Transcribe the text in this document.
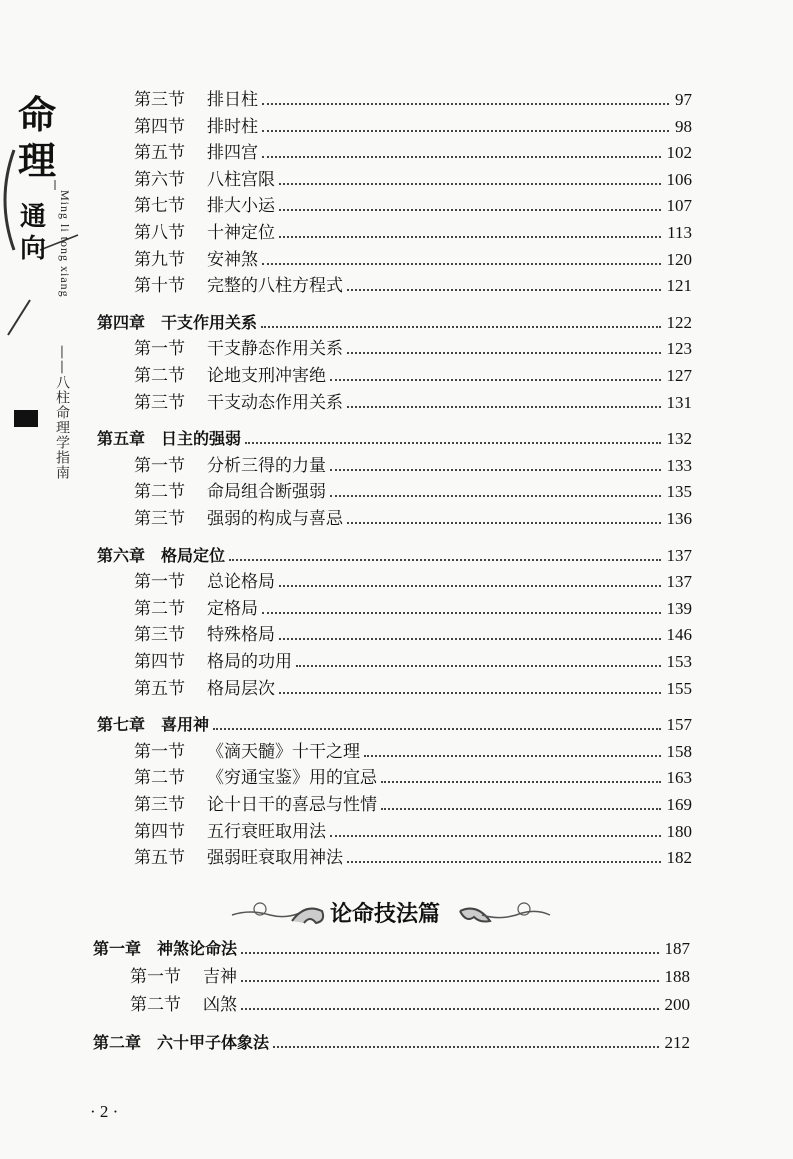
命
理
通
向 Ming li tong xiang
——八柱命理学指南
第三节 排日柱	97
第四节 排时柱	98
第五节 排四宫	102
第六节 八柱宫限	106
第七节 排大小运	107
第八节 十神定位	113
第九节 安神煞	120
第十节 完整的八柱方程式	121
第四章 干支作用关系	122
第一节 干支静态作用关系	123
第二节 论地支刑冲害绝	127
第三节 干支动态作用关系	131
第五章 日主的强弱	132
第一节 分析三得的力量	133
第二节 命局组合断强弱	135
第三节 强弱的构成与喜忌	136
第六章 格局定位	137
第一节 总论格局	137
第二节 定格局	139
第三节 特殊格局	146
第四节 格局的功用	153
第五节 格局层次	155
第七章 喜用神	157
第一节 《滴天髓》十干之理	158
第二节 《穷通宝鉴》用的宜忌	163
第三节 论十日干的喜忌与性情	169
第四节 五行衰旺取用法	180
第五节 强弱旺衰取用神法	182
第一章 神煞论命法	187
第一节 吉神	188
第二节 凶煞	200
第二章 六十甲子体象法	212
论命技法篇
· 2 ·
